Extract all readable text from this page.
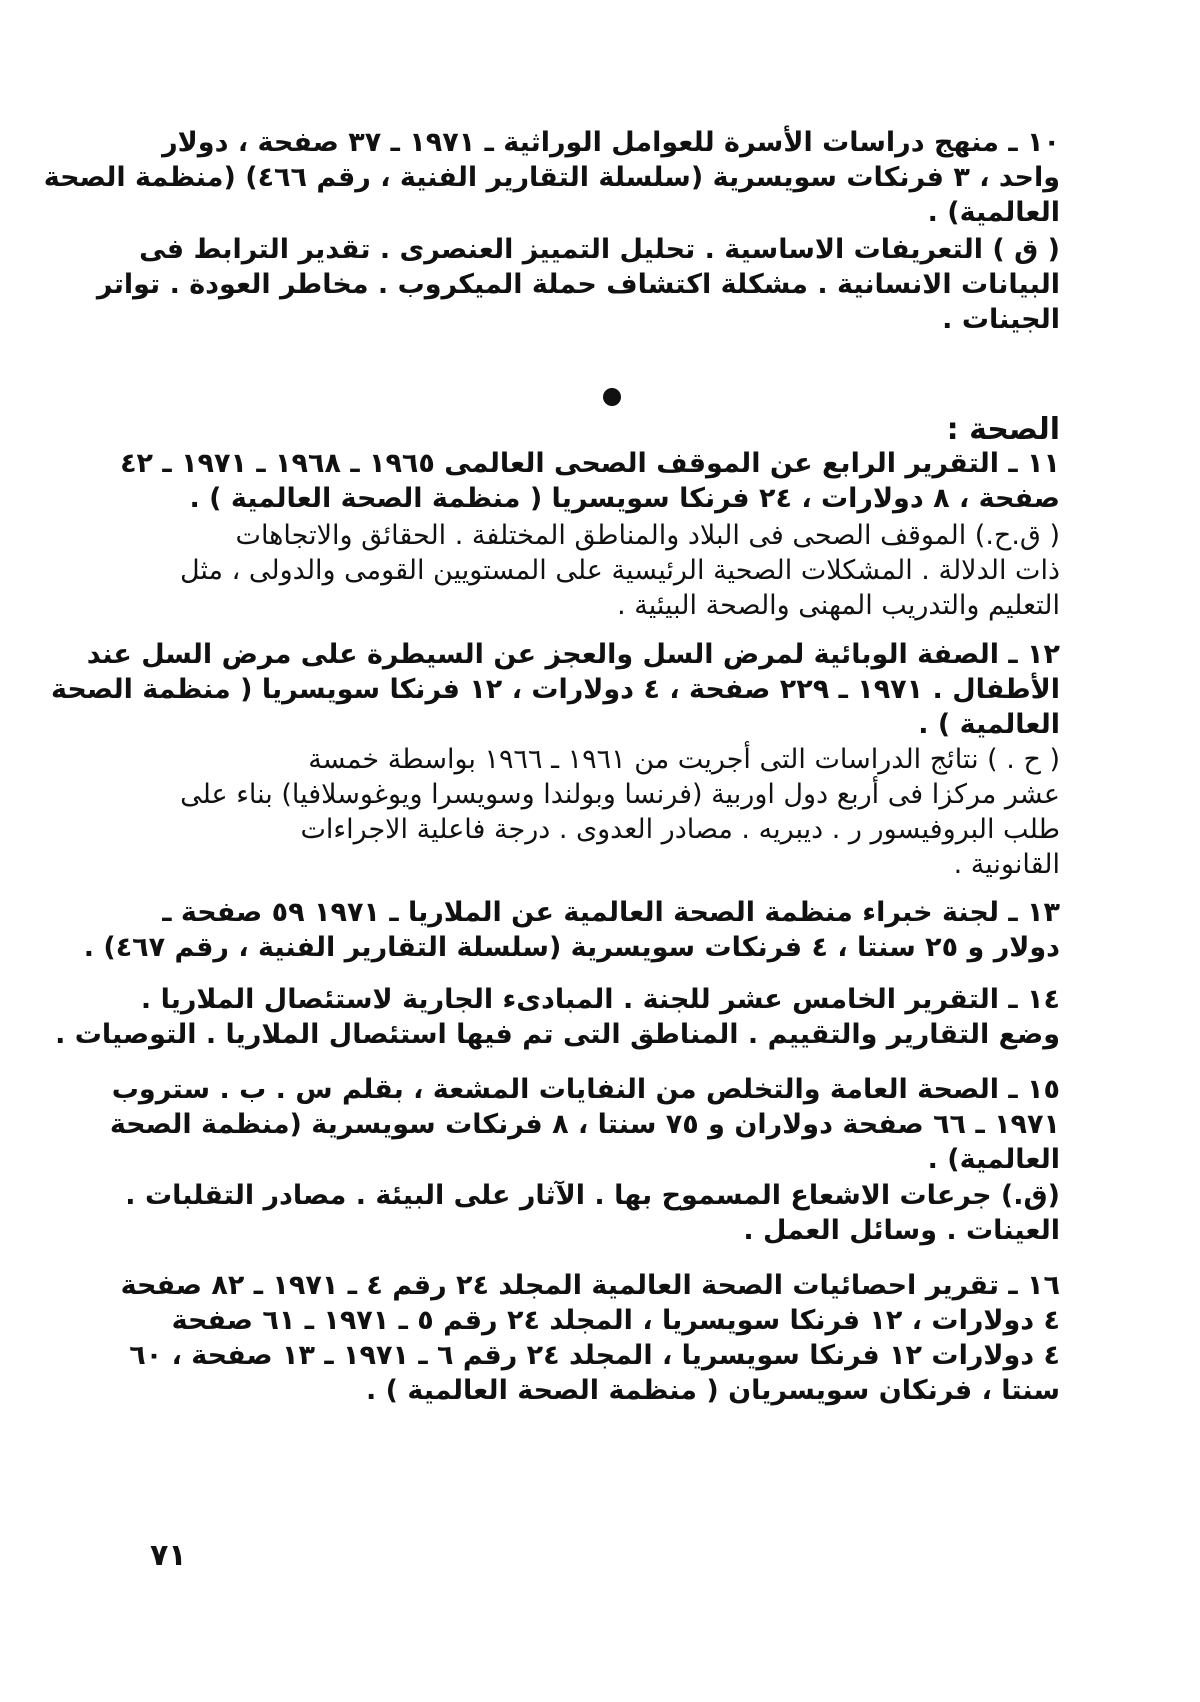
١٠ ـ منهج دراسات الأسرة للعوامل الوراثية ـ ١٩٧١ ـ ٣٧ صفحة ، دولار
واحد ، ٣ فرنكات سويسرية (سلسلة التقارير الفنية ، رقم ٤٦٦) (منظمة الصحة
العالمية) .
( ق ) التعريفات الاساسية . تحليل التمييز العنصرى . تقدير الترابط فى
البيانات الانسانية . مشكلة اكتشاف حملة الميكروب . مخاطر العودة . تواتر
الجينات .
الصحة :
١١ ـ التقرير الرابع عن الموقف الصحى العالمى ١٩٦٥ ـ ١٩٦٨ ـ ١٩٧١ ـ ٤٢
صفحة ، ٨ دولارات ، ٢٤ فرنكا سويسريا ( منظمة الصحة العالمية ) .
( ق.ح.) الموقف الصحى فى البلاد والمناطق المختلفة . الحقائق والاتجاهات
ذات الدلالة . المشكلات الصحية الرئيسية على المستويين القومى والدولى ، مثل
التعليم والتدريب المهنى والصحة البيئية .
١٢ ـ الصفة الوبائية لمرض السل والعجز عن السيطرة على مرض السل عند
الأطفال . ١٩٧١ ـ ٢٢٩ صفحة ، ٤ دولارات ، ١٢ فرنكا سويسريا ( منظمة الصحة
العالمية ) .
( ح . ) نتائج الدراسات التى أجريت من ١٩٦١ ـ ١٩٦٦ بواسطة خمسة
عشر مركزا فى أربع دول اوربية (فرنسا وبولندا وسويسرا ويوغوسلافيا) بناء على
طلب البروفيسور ر . ديبريه . مصادر العدوى . درجة فاعلية الاجراءات
القانونية .
١٣ ـ لجنة خبراء منظمة الصحة العالمية عن الملاريا ـ ١٩٧١ ٥٩ صفحة ـ
دولار و ٢٥ سنتا ، ٤ فرنكات سويسرية (سلسلة التقارير الفنية ، رقم ٤٦٧) .
١٤ ـ التقرير الخامس عشر للجنة . المبادىء الجارية لاستئصال الملاريا .
وضع التقارير والتقييم . المناطق التى تم فيها استئصال الملاريا . التوصيات .
١٥ ـ الصحة العامة والتخلص من النفايات المشعة ، بقلم س . ب . ستروب
١٩٧١ ـ ٦٦ صفحة دولاران و ٧٥ سنتا ، ٨ فرنكات سويسرية (منظمة الصحة
العالمية) .
(ق.) جرعات الاشعاع المسموح بها . الآثار على البيئة . مصادر التقلبات .
العينات . وسائل العمل .
١٦ ـ تقرير احصائيات الصحة العالمية المجلد ٢٤ رقم ٤ ـ ١٩٧١ ـ ٨٢ صفحة
٤ دولارات ، ١٢ فرنكا سويسريا ، المجلد ٢٤ رقم ٥ ـ ١٩٧١ ـ ٦١ صفحة
٤ دولارات ١٢ فرنكا سويسريا ، المجلد ٢٤ رقم ٦ ـ ١٩٧١ ـ ١٣ صفحة ، ٦٠
سنتا ، فرنكان سويسريان ( منظمة الصحة العالمية ) .
٧١
